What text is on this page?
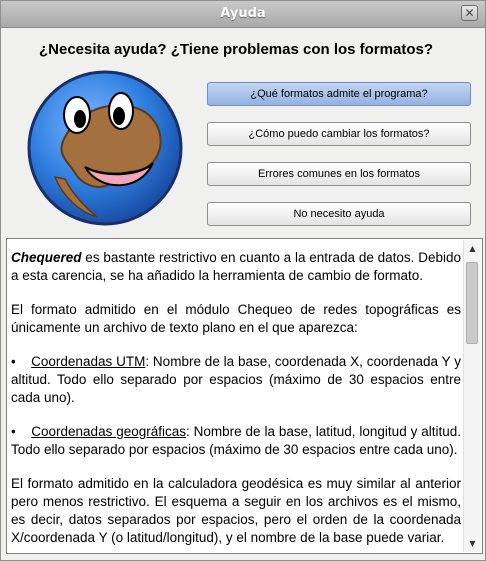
Ayuda	✕
¿Necesita ayuda? ¿Tiene problemas con los formatos?
¿Qué formatos admite el programa?
¿Cómo puedo cambiar los formatos?
Errores comunes en los formatos
No necesito ayuda

Chequered es bastante restrictivo en cuanto a la entrada de datos. Debido a esta carencia, se ha añadido la herramienta de cambio de formato.

El formato admitido en el módulo Chequeo de redes topográficas es únicamente un archivo de texto plano en el que aparezca:

•    Coordenadas UTM: Nombre de la base, coordenada X, coordenada Y y altitud. Todo ello separado por espacios (máximo de 30 espacios entre cada uno).

•    Coordenadas geográficas: Nombre de la base, latitud, longitud y altitud. Todo ello separado por espacios (máximo de 30 espacios entre cada uno).

El formato admitido en la calculadora geodésica es muy similar al anterior pero menos restrictivo. El esquema a seguir en los archivos es el mismo, es decir, datos separados por espacios, pero el orden de la coordenada X/coordenada Y (o latitud/longitud), y el nombre de la base puede variar.

▲
▼
